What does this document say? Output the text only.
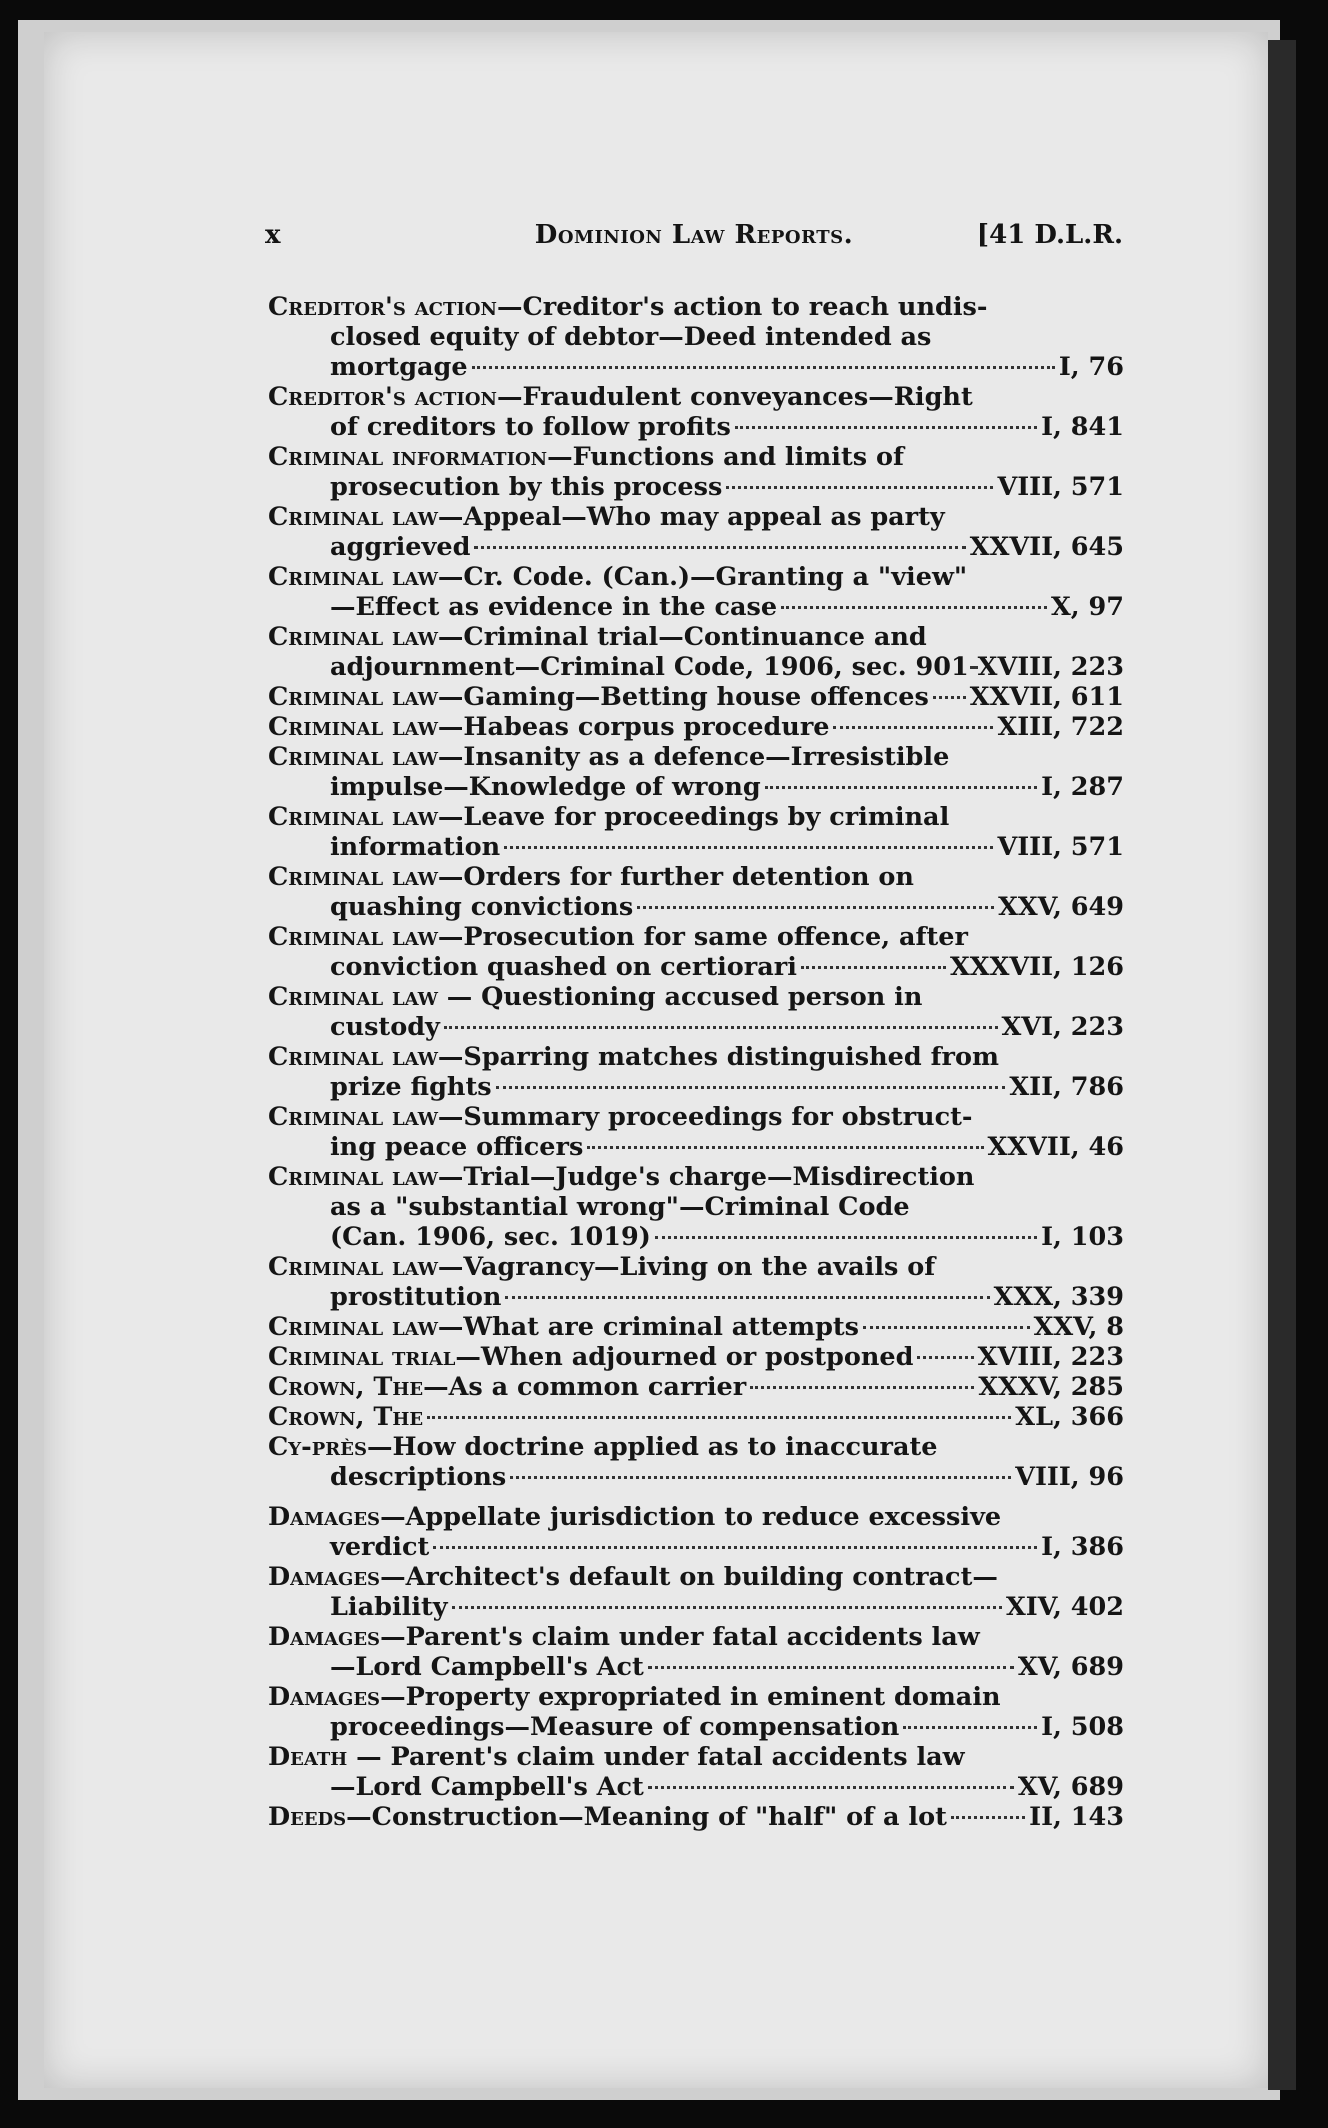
x	Dominion Law Reports.	[41 D.L.R.
Creditor's action—Creditor's action to reach undis-
closed equity of debtor—Deed intended as
mortgage	I, 76
Creditor's action—Fraudulent conveyances—Right
of creditors to follow profits	I, 841
Criminal information—Functions and limits of
prosecution by this process	VIII, 571
Criminal law—Appeal—Who may appeal as party
aggrieved	XXVII, 645
Criminal law—Cr. Code. (Can.)—Granting a "view"
—Effect as evidence in the case	X, 97
Criminal law—Criminal trial—Continuance and
adjournment—Criminal Code, 1906, sec. 901 XVIII, 223
Criminal law—Gaming—Betting house offences XXVII, 611
Criminal law—Habeas corpus procedure	XIII, 722
Criminal law—Insanity as a defence—Irresistible
impulse—Knowledge of wrong	I, 287
Criminal law—Leave for proceedings by criminal
information	VIII, 571
Criminal law—Orders for further detention on
quashing convictions	XXV, 649
Criminal law—Prosecution for same offence, after
conviction quashed on certiorari	XXXVII, 126
Criminal law — Questioning accused person in
custody	XVI, 223
Criminal law—Sparring matches distinguished from
prize fights	XII, 786
Criminal law—Summary proceedings for obstruct-
ing peace officers	XXVII, 46
Criminal law—Trial—Judge's charge—Misdirection
as a "substantial wrong"—Criminal Code
(Can. 1906, sec. 1019)	I, 103
Criminal law—Vagrancy—Living on the avails of
prostitution	XXX, 339
Criminal law—What are criminal attempts	XXV, 8
Criminal trial—When adjourned or postponed	XVIII, 223
Crown, The—As a common carrier	XXXV, 285
Crown, The	XL, 366
Cy-près—How doctrine applied as to inaccurate
descriptions	VIII, 96
Damages—Appellate jurisdiction to reduce excessive
verdict	I, 386
Damages—Architect's default on building contract—
Liability	XIV, 402
Damages—Parent's claim under fatal accidents law
—Lord Campbell's Act	XV, 689
Damages—Property expropriated in eminent domain
proceedings—Measure of compensation	I, 508
Death — Parent's claim under fatal accidents law
—Lord Campbell's Act	XV, 689
Deeds—Construction—Meaning of "half" of a lot	II, 143
